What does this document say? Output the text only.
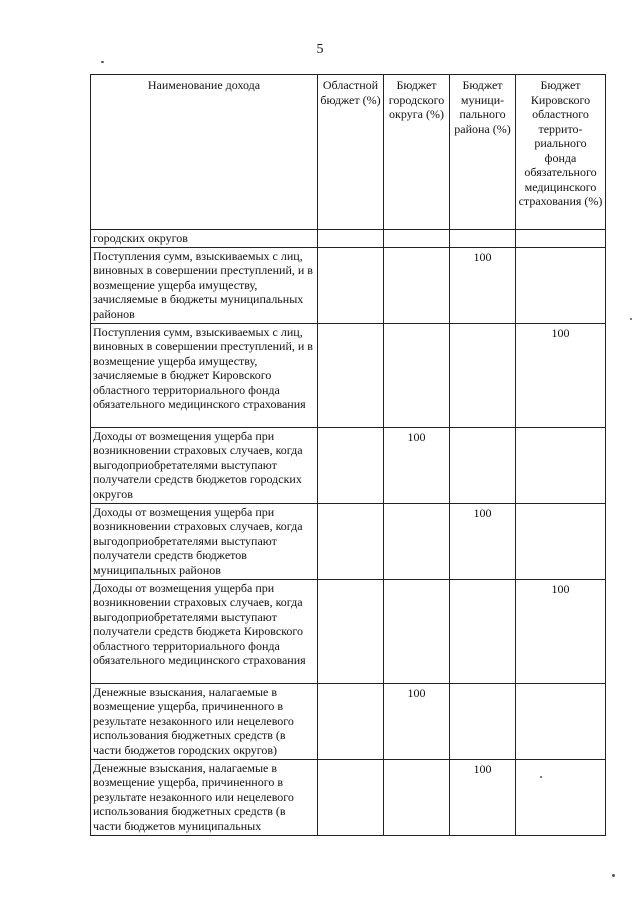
5
Наименование дохода	Областной бюджет (%)	Бюджет городского округа (%)	Бюджет муници-пального района (%)	Бюджет Кировского областного террито-риального фонда обязательного медицинского страхования (%)
городских округов				
Поступления сумм, взыскиваемых с лиц, виновных в совершении преступлений, и в возмещение ущерба имуществу, зачисляемые в бюджеты муниципальных районов			100	
Поступления сумм, взыскиваемых с лиц, виновных в совершении преступлений, и в возмещение ущерба имуществу, зачисляемые в бюджет Кировского областного территориального фонда обязательного медицинского страхования				100
Доходы от возмещения ущерба при возникновении страховых случаев, когда выгодоприобретателями выступают получатели средств бюджетов городских округов		100		
Доходы от возмещения ущерба при возникновении страховых случаев, когда выгодоприобретателями выступают получатели средств бюджетов муниципальных районов			100	
Доходы от возмещения ущерба при возникновении страховых случаев, когда выгодоприобретателями выступают получатели средств бюджета Кировского областного территориального фонда обязательного медицинского страхования				100
Денежные взыскания, налагаемые в возмещение ущерба, причиненного в результате незаконного или нецелевого использования бюджетных средств (в части бюджетов городских округов)		100		
Денежные взыскания, налагаемые в возмещение ущерба, причиненного в результате незаконного или нецелевого использования бюджетных средств (в части бюджетов муниципальных			100	
